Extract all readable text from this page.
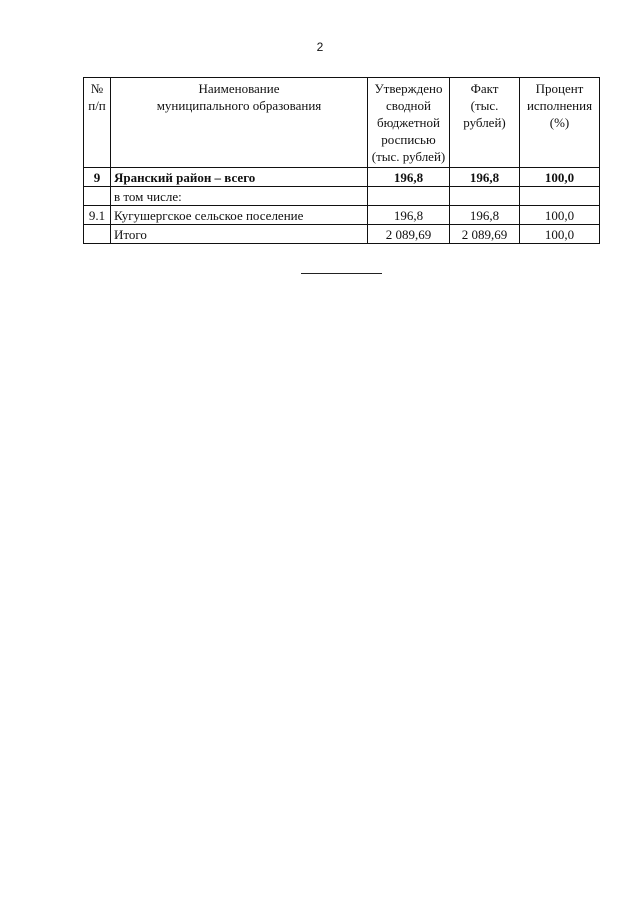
2
№ п/п	Наименование муниципального образования	Утверждено сводной бюджетной росписью (тыс. рублей)	Факт (тыс. рублей)	Процент исполнения (%)
9	Яранский район – всего	196,8	196,8	100,0
	в том числе:			
9.1	Кугушергское сельское поселение	196,8	196,8	100,0
	Итого	2 089,69	2 089,69	100,0
